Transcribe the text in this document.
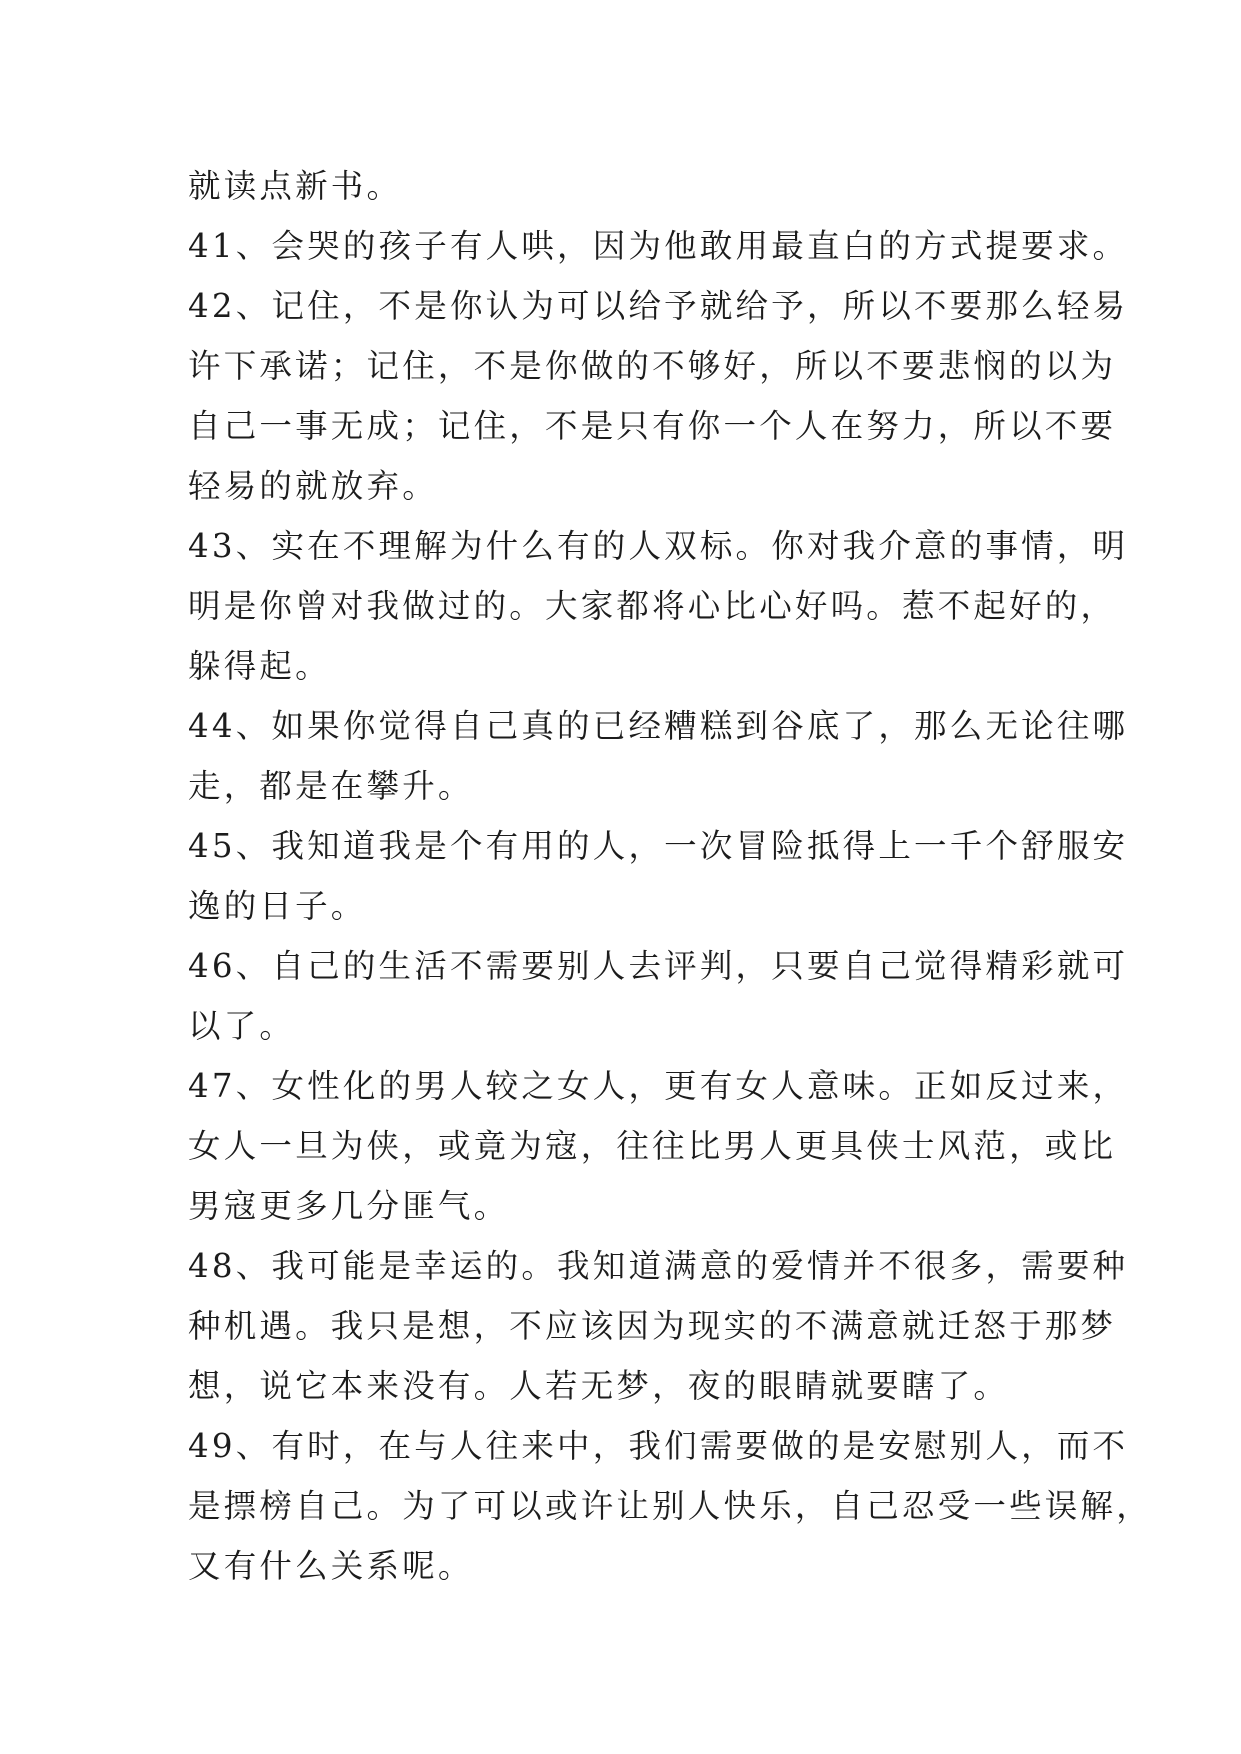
就读点新书。

41、会哭的孩子有人哄，因为他敢用最直白的方式提要求。

42、记住，不是你认为可以给予就给予，所以不要那么轻易
许下承诺；记住，不是你做的不够好，所以不要悲悯的以为
自己一事无成；记住，不是只有你一个人在努力，所以不要
轻易的就放弃。

43、实在不理解为什么有的人双标。你对我介意的事情，明
明是你曾对我做过的。大家都将心比心好吗。惹不起好的，
躲得起。

44、如果你觉得自己真的已经糟糕到谷底了，那么无论往哪
走，都是在攀升。

45、我知道我是个有用的人，一次冒险抵得上一千个舒服安
逸的日子。

46、自己的生活不需要别人去评判，只要自己觉得精彩就可
以了。

47、女性化的男人较之女人，更有女人意味。正如反过来，
女人一旦为侠，或竟为寇，往往比男人更具侠士风范，或比
男寇更多几分匪气。

48、我可能是幸运的。我知道满意的爱情并不很多，需要种
种机遇。我只是想，不应该因为现实的不满意就迁怒于那梦
想，说它本来没有。人若无梦，夜的眼睛就要瞎了。

49、有时，在与人往来中，我们需要做的是安慰别人，而不
是摽榜自己。为了可以或许让别人快乐，自己忍受一些误解，
又有什么关系呢。
